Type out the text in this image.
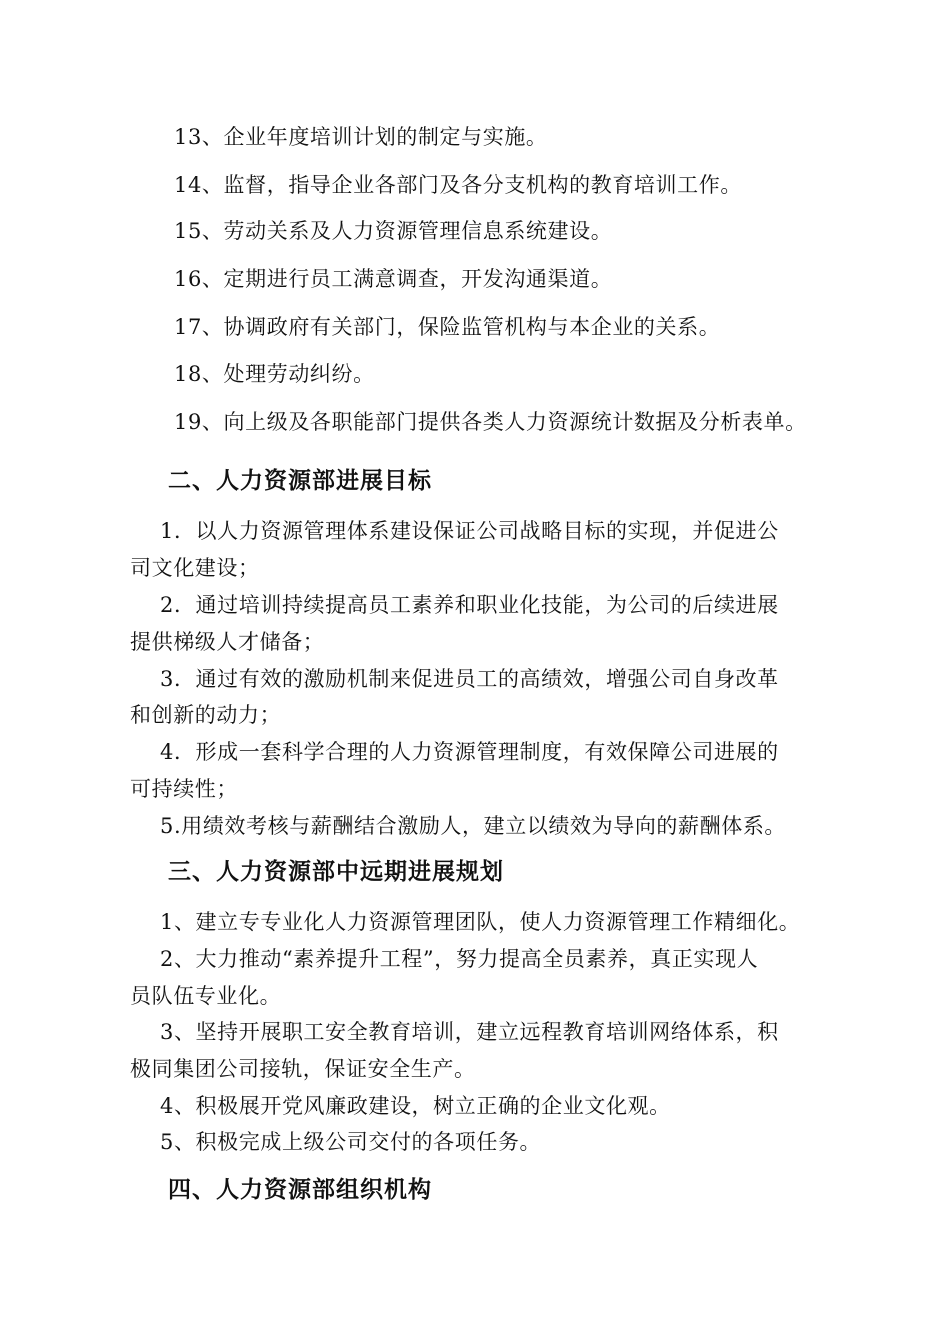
13、企业年度培训计划的制定与实施。
14、监督，指导企业各部门及各分支机构的教育培训工作。
15、劳动关系及人力资源管理信息系统建设。
16、定期进行员工满意调查，开发沟通渠道。
17、协调政府有关部门，保险监管机构与本企业的关系。
18、处理劳动纠纷。
19、向上级及各职能部门提供各类人力资源统计数据及分析表单。
二、人力资源部进展目标
1．以人力资源管理体系建设保证公司战略目标的实现，并促进公
司文化建设；
2．通过培训持续提高员工素养和职业化技能，为公司的后续进展
提供梯级人才储备；
3．通过有效的激励机制来促进员工的高绩效，增强公司自身改革
和创新的动力；
4．形成一套科学合理的人力资源管理制度，有效保障公司进展的
可持续性；
5.用绩效考核与薪酬结合激励人，建立以绩效为导向的薪酬体系。
三、人力资源部中远期进展规划
1、建立专专业化人力资源管理团队，使人力资源管理工作精细化。
2、大力推动“素养提升工程”，努力提高全员素养，真正实现人
员队伍专业化。
3、坚持开展职工安全教育培训，建立远程教育培训网络体系，积
极同集团公司接轨，保证安全生产。
4、积极展开党风廉政建设，树立正确的企业文化观。
5、积极完成上级公司交付的各项任务。
四、人力资源部组织机构
